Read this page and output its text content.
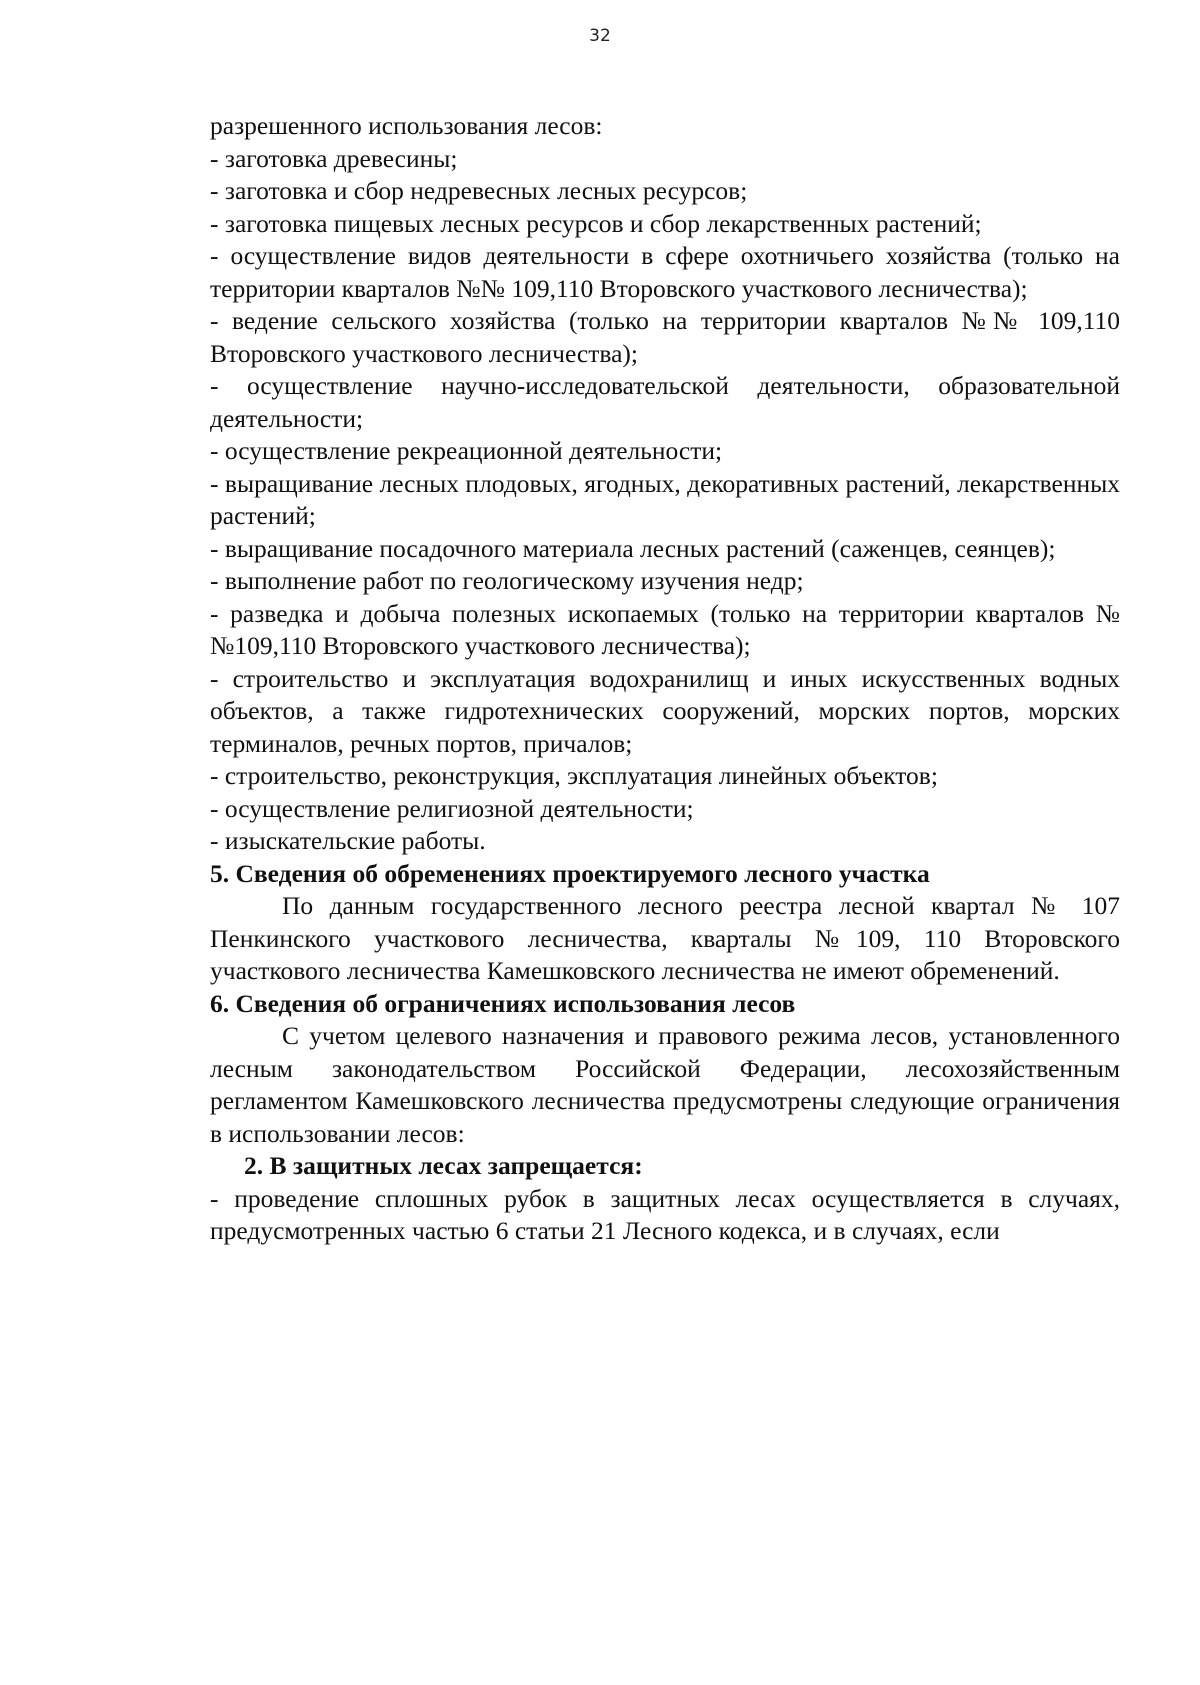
32

разрешенного использования лесов:

- заготовка древесины;

- заготовка и сбор недревесных лесных ресурсов;

- заготовка пищевых лесных ресурсов и сбор лекарственных растений;

- осуществление видов деятельности в сфере охотничьего хозяйства (только на территории кварталов №№ 109,110 Второвского участкового лесничества);

- ведение сельского хозяйства (только на территории кварталов №№ 109,110 Второвского участкового лесничества);

- осуществление научно-исследовательской деятельности, образовательной деятельности;

- осуществление рекреационной деятельности;

- выращивание лесных плодовых, ягодных, декоративных растений, лекарственных растений;

- выращивание посадочного материала лесных растений (саженцев, сеянцев);

- выполнение работ по геологическому изучения недр;

- разведка и добыча полезных ископаемых (только на территории кварталов №№109,110 Второвского участкового лесничества);

- строительство и эксплуатация водохранилищ и иных искусственных водных объектов, а также гидротехнических сооружений, морских портов, морских терминалов, речных портов, причалов;

- строительство, реконструкция, эксплуатация линейных объектов;

- осуществление религиозной деятельности;

- изыскательские работы.

5. Сведения об обременениях проектируемого лесного участка

По данным государственного лесного реестра лесной квартал № 107 Пенкинского участкового лесничества, кварталы №109, 110 Второвского участкового лесничества Камешковского лесничества не имеют обременений.

6. Сведения об ограничениях использования лесов

С учетом целевого назначения и правового режима лесов, установленного лесным законодательством Российской Федерации, лесохозяйственным регламентом Камешковского лесничества предусмотрены следующие ограничения в использовании лесов:

2. В защитных лесах запрещается:

- проведение сплошных рубок в защитных лесах осуществляется в случаях, предусмотренных частью 6 статьи 21 Лесного кодекса, и в случаях, если
